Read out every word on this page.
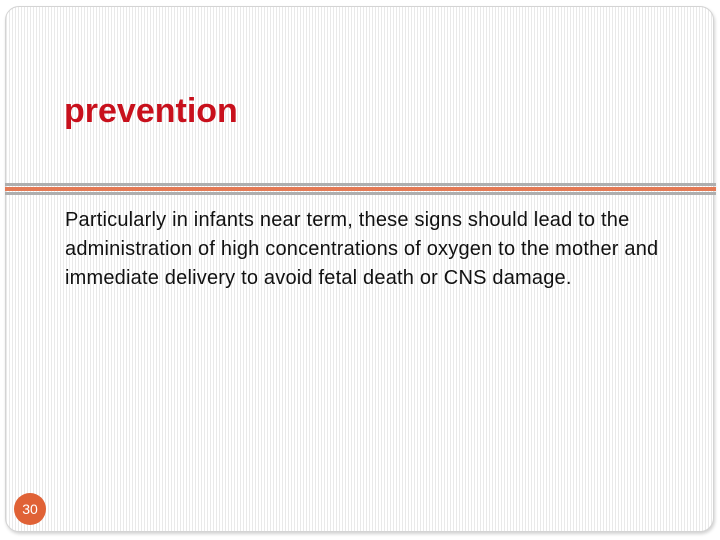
prevention

Particularly in infants near term, these signs should lead to the administration of high concentrations of oxygen to the mother and immediate delivery to avoid fetal death or CNS damage.

30
